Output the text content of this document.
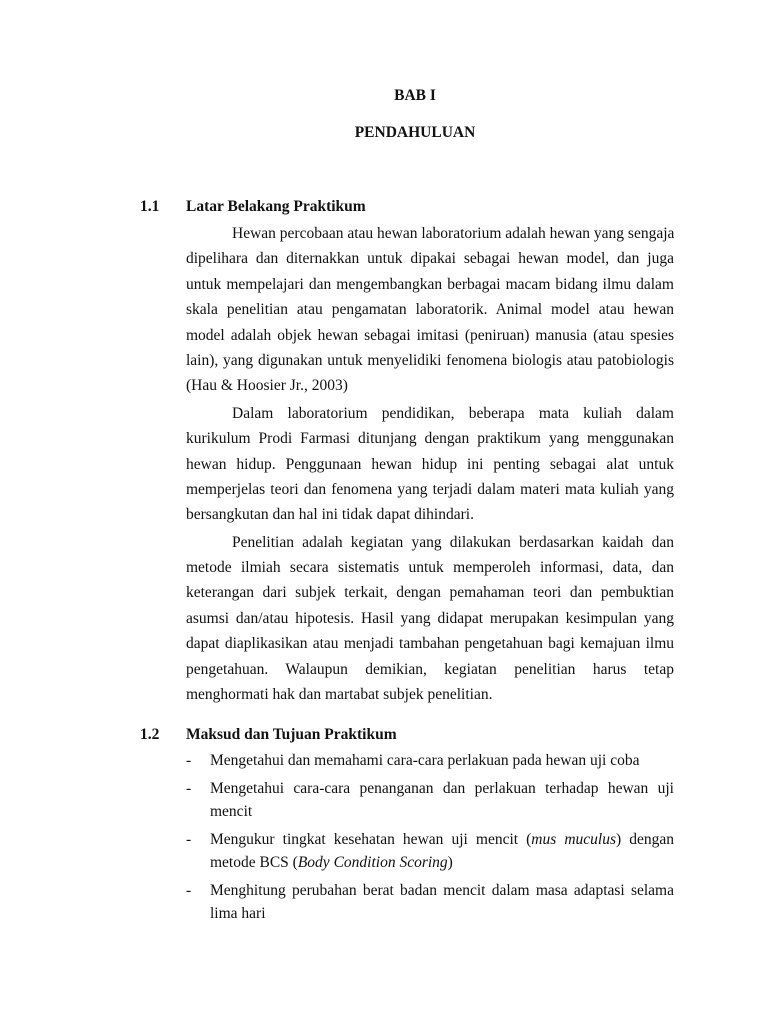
BAB I
PENDAHULUAN
1.1 Latar Belakang Praktikum
Hewan percobaan atau hewan laboratorium adalah hewan yang sengaja
dipelihara dan diternakkan untuk dipakai sebagai hewan model, dan juga
untuk mempelajari dan mengembangkan berbagai macam bidang ilmu dalam
skala penelitian atau pengamatan laboratorik. Animal model atau hewan
model adalah objek hewan sebagai imitasi (peniruan) manusia (atau spesies
lain), yang digunakan untuk menyelidiki fenomena biologis atau patobiologis
(Hau & Hoosier Jr., 2003)
Dalam laboratorium pendidikan, beberapa mata kuliah dalam
kurikulum Prodi Farmasi ditunjang dengan praktikum yang menggunakan
hewan hidup. Penggunaan hewan hidup ini penting sebagai alat untuk
memperjelas teori dan fenomena yang terjadi dalam materi mata kuliah yang
bersangkutan dan hal ini tidak dapat dihindari.
Penelitian adalah kegiatan yang dilakukan berdasarkan kaidah dan
metode ilmiah secara sistematis untuk memperoleh informasi, data, dan
keterangan dari subjek terkait, dengan pemahaman teori dan pembuktian
asumsi dan/atau hipotesis. Hasil yang didapat merupakan kesimpulan yang
dapat diaplikasikan atau menjadi tambahan pengetahuan bagi kemajuan ilmu
pengetahuan. Walaupun demikian, kegiatan penelitian harus tetap
menghormati hak dan martabat subjek penelitian.
1.2 Maksud dan Tujuan Praktikum
- Mengetahui dan memahami cara-cara perlakuan pada hewan uji coba
- Mengetahui cara-cara penanganan dan perlakuan terhadap hewan uji
mencit
- Mengukur tingkat kesehatan hewan uji mencit (mus muculus) dengan
metode BCS (Body Condition Scoring)
- Menghitung perubahan berat badan mencit dalam masa adaptasi selama
lima hari
